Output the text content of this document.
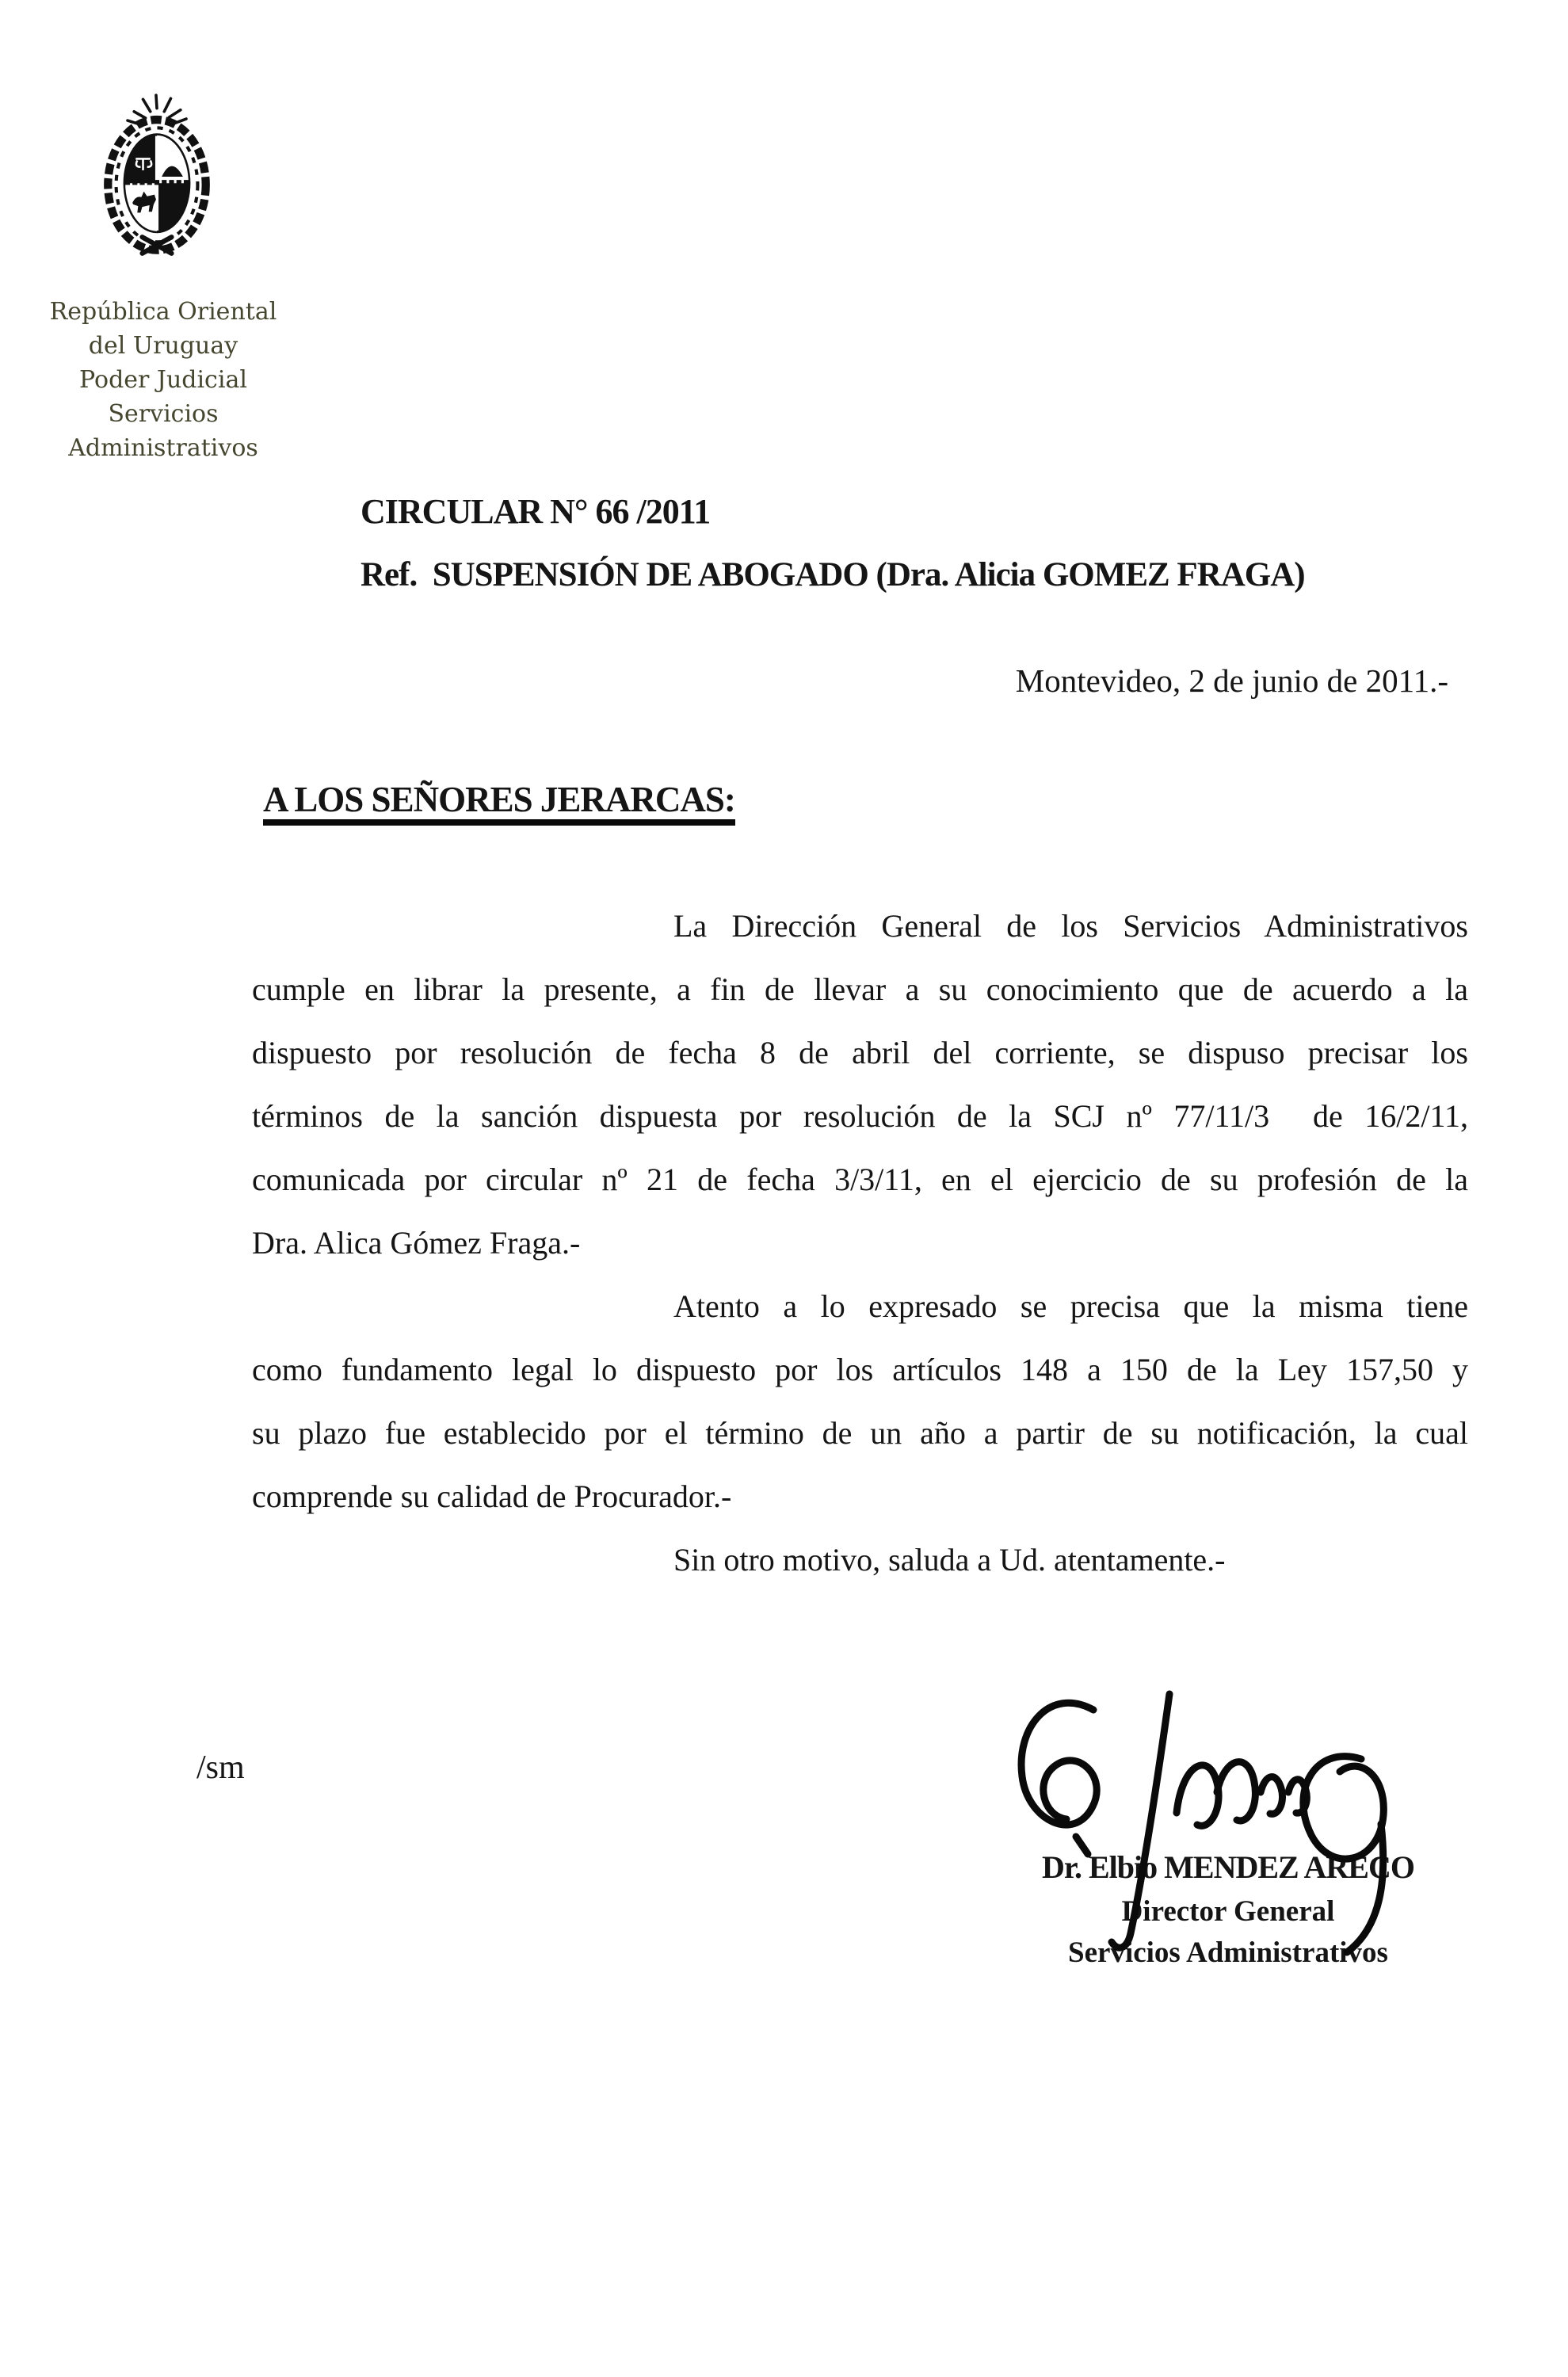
República Oriental
del Uruguay
Poder Judicial
Servicios
Administrativos
CIRCULAR N° 66 /2011
Ref.  SUSPENSIÓN DE ABOGADO (Dra. Alicia GOMEZ FRAGA)
Montevideo, 2 de junio de 2011.-
A LOS SEÑORES JERARCAS:
La Dirección General de los Servicios Administrativos
cumple en librar la presente, a fin de llevar a su conocimiento que de acuerdo a la
dispuesto por resolución de fecha 8 de abril del corriente, se dispuso precisar los
términos de la sanción dispuesta por resolución de la SCJ nº 77/11/3  de 16/2/11,
comunicada por circular nº 21 de fecha 3/3/11, en el ejercicio de su profesión de la
Dra. Alica Gómez Fraga.-
Atento a lo expresado se precisa que la misma tiene
como fundamento legal lo dispuesto por los artículos 148 a 150 de la Ley 157,50 y
su plazo fue establecido por el término de un año a partir de su notificación, la cual
comprende su calidad de Procurador.-
Sin otro motivo, saluda a Ud. atentamente.-
/sm
Dr. Elbio MENDEZ ARECO
Director General
Servicios Administrativos
